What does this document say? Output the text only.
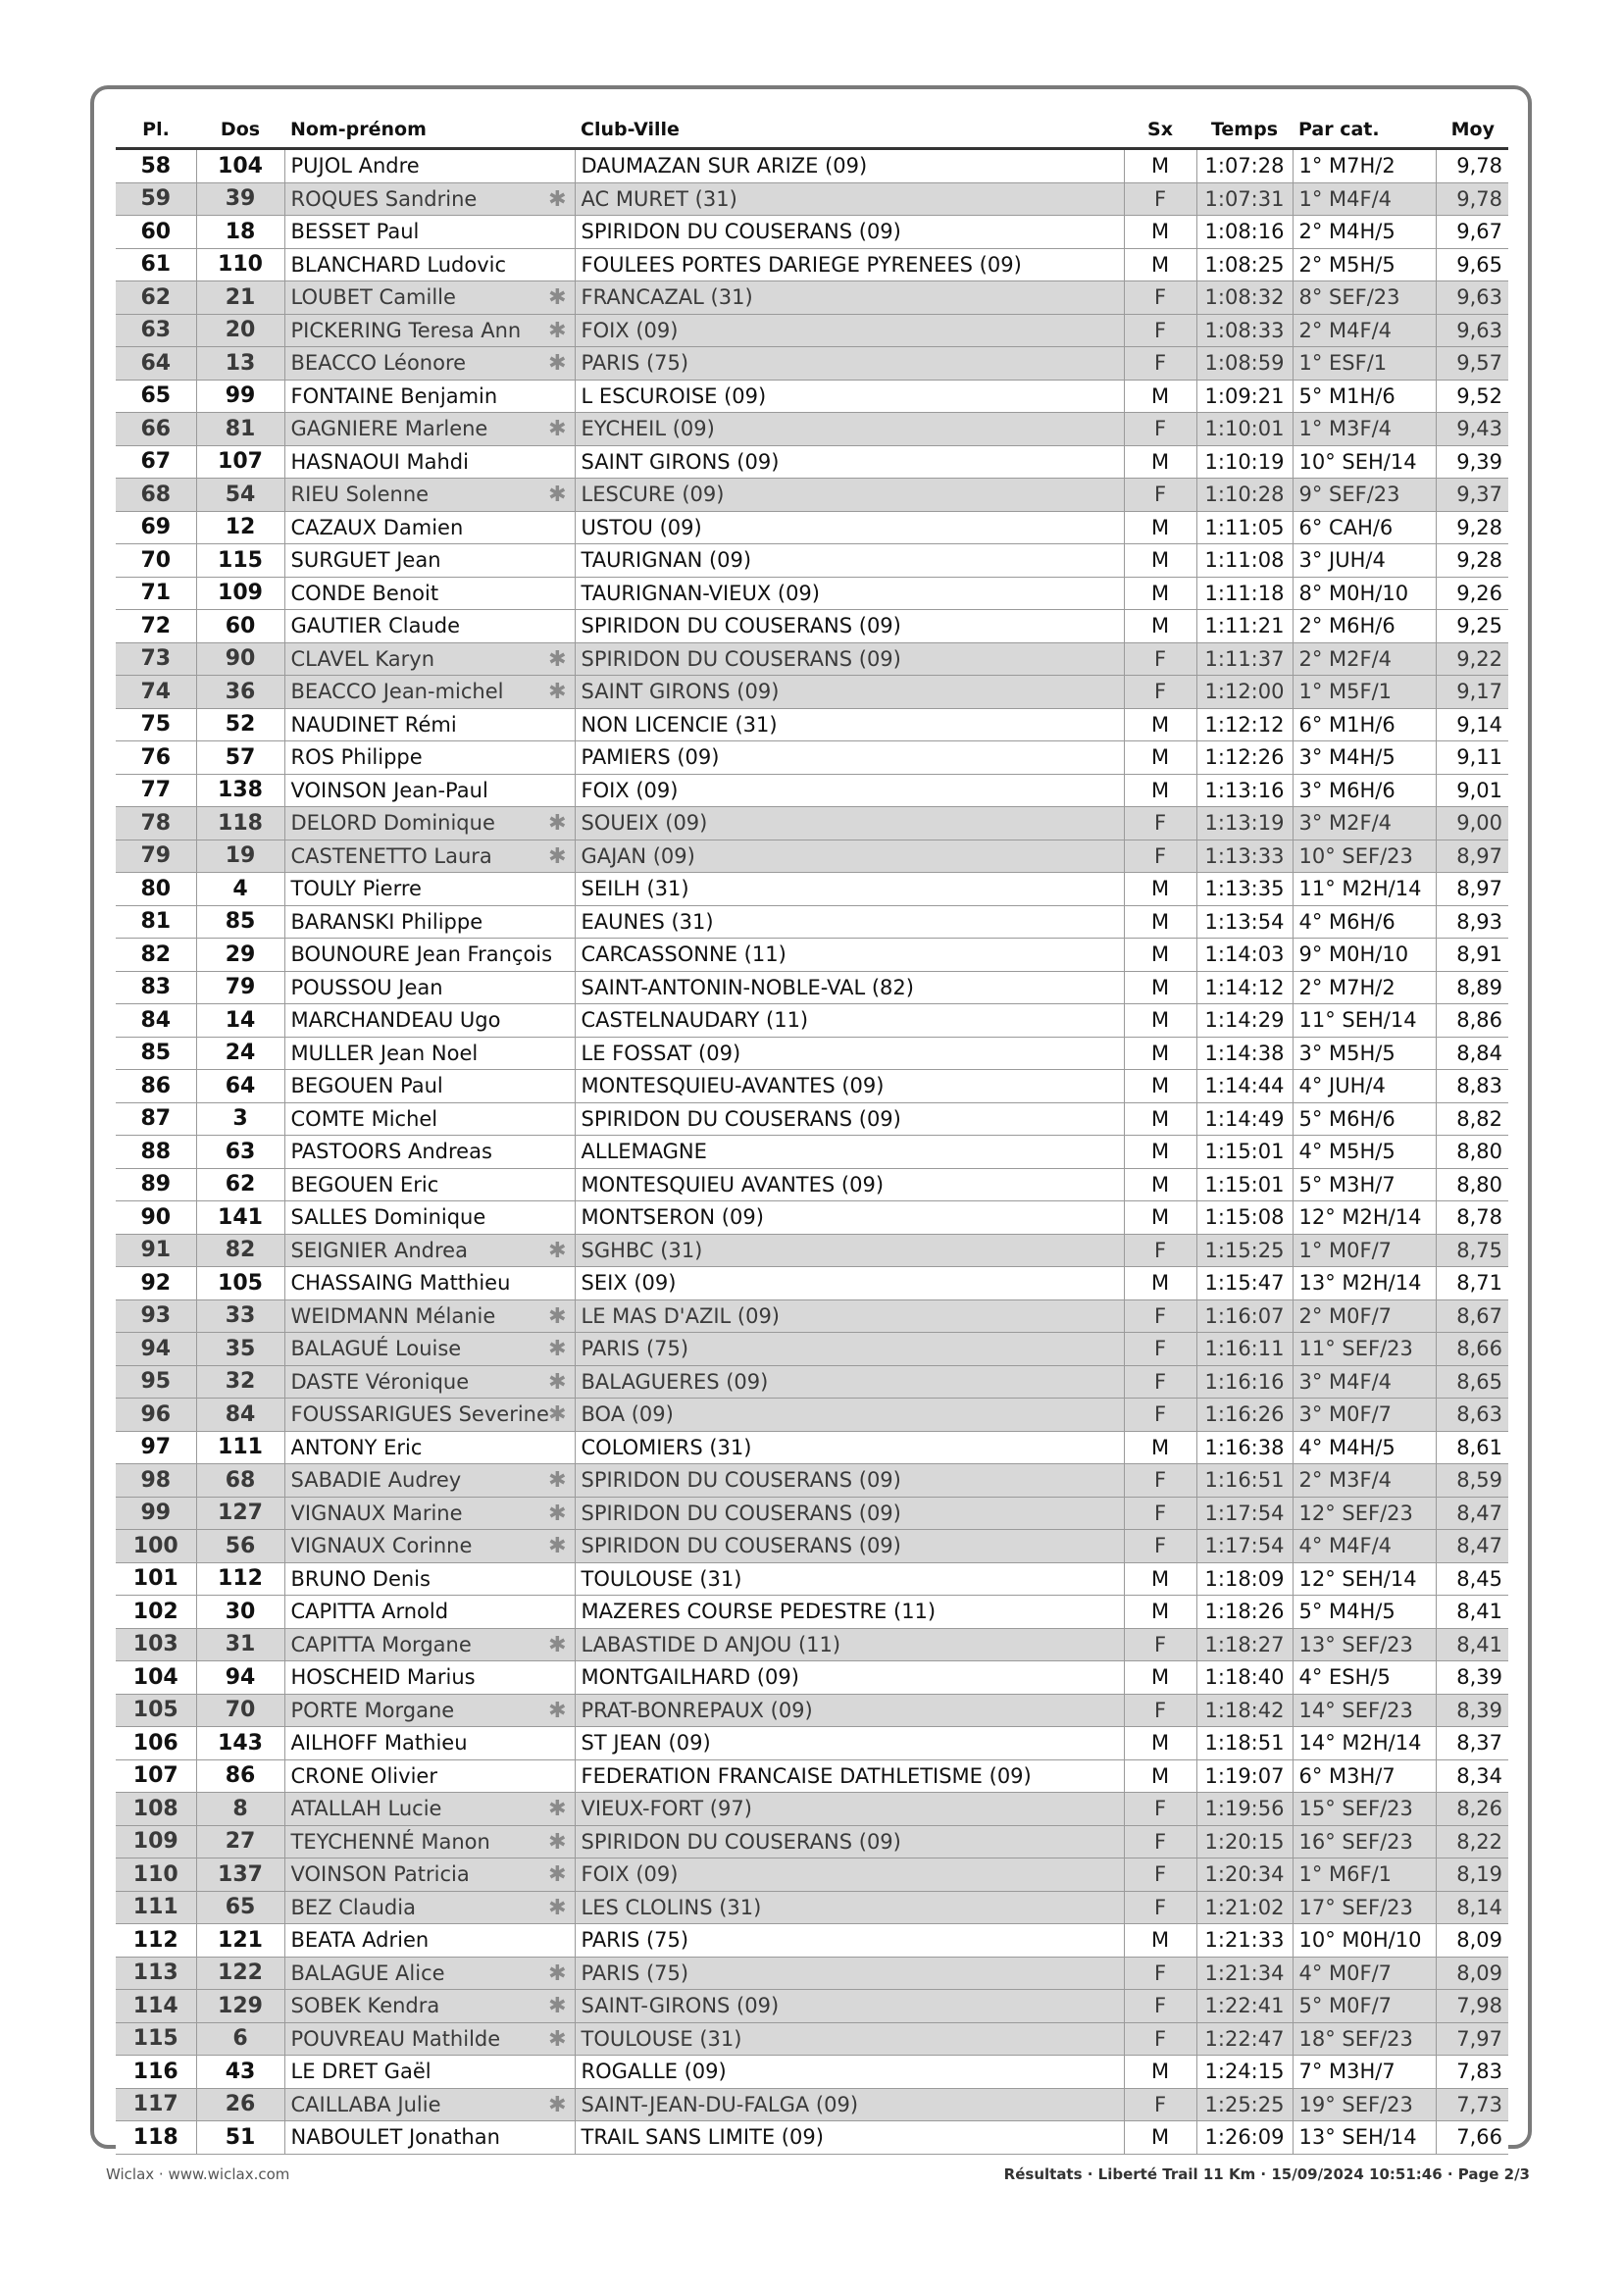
Pl.	Dos	Nom-prénom	Club-Ville	Sx	Temps	Par cat.	Moy
58	104	PUJOL Andre	DAUMAZAN SUR ARIZE (09)	M	1:07:28	1° M7H/2	9,78
59	39	ROQUES Sandrine ✱	AC MURET (31)	F	1:07:31	1° M4F/4	9,78
60	18	BESSET Paul	SPIRIDON DU COUSERANS (09)	M	1:08:16	2° M4H/5	9,67
61	110	BLANCHARD Ludovic	FOULEES PORTES DARIEGE PYRENEES (09)	M	1:08:25	2° M5H/5	9,65
62	21	LOUBET Camille ✱	FRANCAZAL (31)	F	1:08:32	8° SEF/23	9,63
63	20	PICKERING Teresa Ann ✱	FOIX (09)	F	1:08:33	2° M4F/4	9,63
64	13	BEACCO Léonore ✱	PARIS (75)	F	1:08:59	1° ESF/1	9,57
65	99	FONTAINE Benjamin	L ESCUROISE (09)	M	1:09:21	5° M1H/6	9,52
66	81	GAGNIERE Marlene ✱	EYCHEIL (09)	F	1:10:01	1° M3F/4	9,43
67	107	HASNAOUI Mahdi	SAINT GIRONS (09)	M	1:10:19	10° SEH/14	9,39
68	54	RIEU Solenne ✱	LESCURE (09)	F	1:10:28	9° SEF/23	9,37
69	12	CAZAUX Damien	USTOU (09)	M	1:11:05	6° CAH/6	9,28
70	115	SURGUET Jean	TAURIGNAN (09)	M	1:11:08	3° JUH/4	9,28
71	109	CONDE Benoit	TAURIGNAN-VIEUX (09)	M	1:11:18	8° M0H/10	9,26
72	60	GAUTIER Claude	SPIRIDON DU COUSERANS (09)	M	1:11:21	2° M6H/6	9,25
73	90	CLAVEL Karyn ✱	SPIRIDON DU COUSERANS (09)	F	1:11:37	2° M2F/4	9,22
74	36	BEACCO Jean-michel ✱	SAINT GIRONS (09)	F	1:12:00	1° M5F/1	9,17
75	52	NAUDINET Rémi	NON LICENCIE (31)	M	1:12:12	6° M1H/6	9,14
76	57	ROS Philippe	PAMIERS (09)	M	1:12:26	3° M4H/5	9,11
77	138	VOINSON Jean-Paul	FOIX (09)	M	1:13:16	3° M6H/6	9,01
78	118	DELORD Dominique ✱	SOUEIX (09)	F	1:13:19	3° M2F/4	9,00
79	19	CASTENETTO Laura ✱	GAJAN (09)	F	1:13:33	10° SEF/23	8,97
80	4	TOULY Pierre	SEILH (31)	M	1:13:35	11° M2H/14	8,97
81	85	BARANSKI Philippe	EAUNES (31)	M	1:13:54	4° M6H/6	8,93
82	29	BOUNOURE Jean François	CARCASSONNE (11)	M	1:14:03	9° M0H/10	8,91
83	79	POUSSOU Jean	SAINT-ANTONIN-NOBLE-VAL (82)	M	1:14:12	2° M7H/2	8,89
84	14	MARCHANDEAU Ugo	CASTELNAUDARY (11)	M	1:14:29	11° SEH/14	8,86
85	24	MULLER Jean Noel	LE FOSSAT (09)	M	1:14:38	3° M5H/5	8,84
86	64	BEGOUEN Paul	MONTESQUIEU-AVANTES (09)	M	1:14:44	4° JUH/4	8,83
87	3	COMTE Michel	SPIRIDON DU COUSERANS (09)	M	1:14:49	5° M6H/6	8,82
88	63	PASTOORS Andreas	ALLEMAGNE	M	1:15:01	4° M5H/5	8,80
89	62	BEGOUEN Eric	MONTESQUIEU AVANTES (09)	M	1:15:01	5° M3H/7	8,80
90	141	SALLES Dominique	MONTSERON (09)	M	1:15:08	12° M2H/14	8,78
91	82	SEIGNIER Andrea ✱	SGHBC (31)	F	1:15:25	1° M0F/7	8,75
92	105	CHASSAING Matthieu	SEIX (09)	M	1:15:47	13° M2H/14	8,71
93	33	WEIDMANN Mélanie ✱	LE MAS D'AZIL (09)	F	1:16:07	2° M0F/7	8,67
94	35	BALAGUÉ Louise ✱	PARIS (75)	F	1:16:11	11° SEF/23	8,66
95	32	DASTE Véronique ✱	BALAGUERES (09)	F	1:16:16	3° M4F/4	8,65
96	84	FOUSSARIGUES Severine ✱	BOA (09)	F	1:16:26	3° M0F/7	8,63
97	111	ANTONY Eric	COLOMIERS (31)	M	1:16:38	4° M4H/5	8,61
98	68	SABADIE Audrey ✱	SPIRIDON DU COUSERANS (09)	F	1:16:51	2° M3F/4	8,59
99	127	VIGNAUX Marine ✱	SPIRIDON DU COUSERANS (09)	F	1:17:54	12° SEF/23	8,47
100	56	VIGNAUX Corinne ✱	SPIRIDON DU COUSERANS (09)	F	1:17:54	4° M4F/4	8,47
101	112	BRUNO Denis	TOULOUSE (31)	M	1:18:09	12° SEH/14	8,45
102	30	CAPITTA Arnold	MAZERES COURSE PEDESTRE (11)	M	1:18:26	5° M4H/5	8,41
103	31	CAPITTA Morgane ✱	LABASTIDE D ANJOU (11)	F	1:18:27	13° SEF/23	8,41
104	94	HOSCHEID Marius	MONTGAILHARD (09)	M	1:18:40	4° ESH/5	8,39
105	70	PORTE Morgane ✱	PRAT-BONREPAUX (09)	F	1:18:42	14° SEF/23	8,39
106	143	AILHOFF Mathieu	ST JEAN (09)	M	1:18:51	14° M2H/14	8,37
107	86	CRONE Olivier	FEDERATION FRANCAISE DATHLETISME (09)	M	1:19:07	6° M3H/7	8,34
108	8	ATALLAH Lucie ✱	VIEUX-FORT (97)	F	1:19:56	15° SEF/23	8,26
109	27	TEYCHENNÉ Manon ✱	SPIRIDON DU COUSERANS (09)	F	1:20:15	16° SEF/23	8,22
110	137	VOINSON Patricia ✱	FOIX (09)	F	1:20:34	1° M6F/1	8,19
111	65	BEZ Claudia ✱	LES CLOLINS (31)	F	1:21:02	17° SEF/23	8,14
112	121	BEATA Adrien	PARIS (75)	M	1:21:33	10° M0H/10	8,09
113	122	BALAGUE Alice ✱	PARIS (75)	F	1:21:34	4° M0F/7	8,09
114	129	SOBEK Kendra ✱	SAINT-GIRONS (09)	F	1:22:41	5° M0F/7	7,98
115	6	POUVREAU Mathilde ✱	TOULOUSE (31)	F	1:22:47	18° SEF/23	7,97
116	43	LE DRET Gaël	ROGALLE (09)	M	1:24:15	7° M3H/7	7,83
117	26	CAILLABA Julie ✱	SAINT-JEAN-DU-FALGA (09)	F	1:25:25	19° SEF/23	7,73
118	51	NABOULET Jonathan	TRAIL SANS LIMITE (09)	M	1:26:09	13° SEH/14	7,66
Wiclax · www.wiclax.com	Résultats · Liberté Trail 11 Km · 15/09/2024 10:51:46 · Page 2/3
